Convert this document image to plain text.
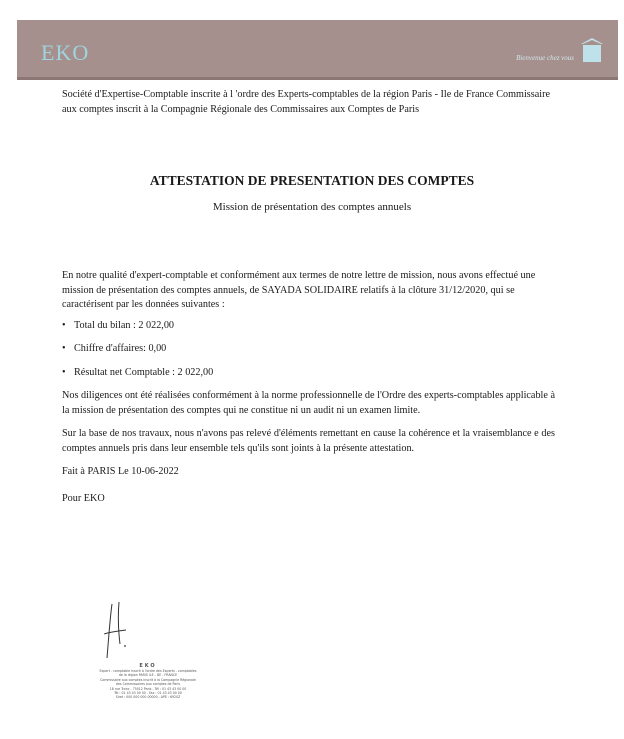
EKO	Bienvenue chez vous
Société d'Expertise-Comptable inscrite à l 'ordre des Experts-comptables de la région Paris - Ile de France Commissaire aux comptes inscrit à la Compagnie Régionale des Commissaires aux Comptes de Paris
ATTESTATION DE PRESENTATION DES COMPTES
Mission de présentation des comptes annuels

En notre qualité d'expert-comptable et conformément aux termes de notre lettre de mission, nous avons effectué une mission de présentation des comptes annuels, de SAYADA SOLIDAIRE relatifs à la clôture 31/12/2020, qui se caractérisent par les données suivantes :

• Total du bilan : 2 022,00
• Chiffre d'affaires: 0,00
• Résultat net Comptable : 2 022,00

Nos diligences ont été réalisées conformément à la norme professionnelle de l'Ordre des experts-comptables applicable à la mission de présentation des comptes qui ne constitue ni un audit ni un examen limite.

Sur la base de nos travaux, nous n'avons pas relevé d'éléments remettant en cause la cohérence et la vraisemblance e des comptes annuels pris dans leur ensemble tels qu'ils sont joints à la présente attestation.

Fait à PARIS Le 10-06-2022

Pour EKO

EKO
Expert - comptable inscrit à l'ordre des Experts - comptables
de la région PARIS ILE - DE - FRANCE
Commissaire aux comptes inscrit à la Compagnie Régionale
des Commissaires aux comptes de Paris
18 rue Tronc - 75012 Paris - Tél : 01 43 43 00 00
Tél : 01 43 43 00 00 - Fax : 01 43 43 00 00
Siret : 000 000 000 00000 - APE : 6920Z
